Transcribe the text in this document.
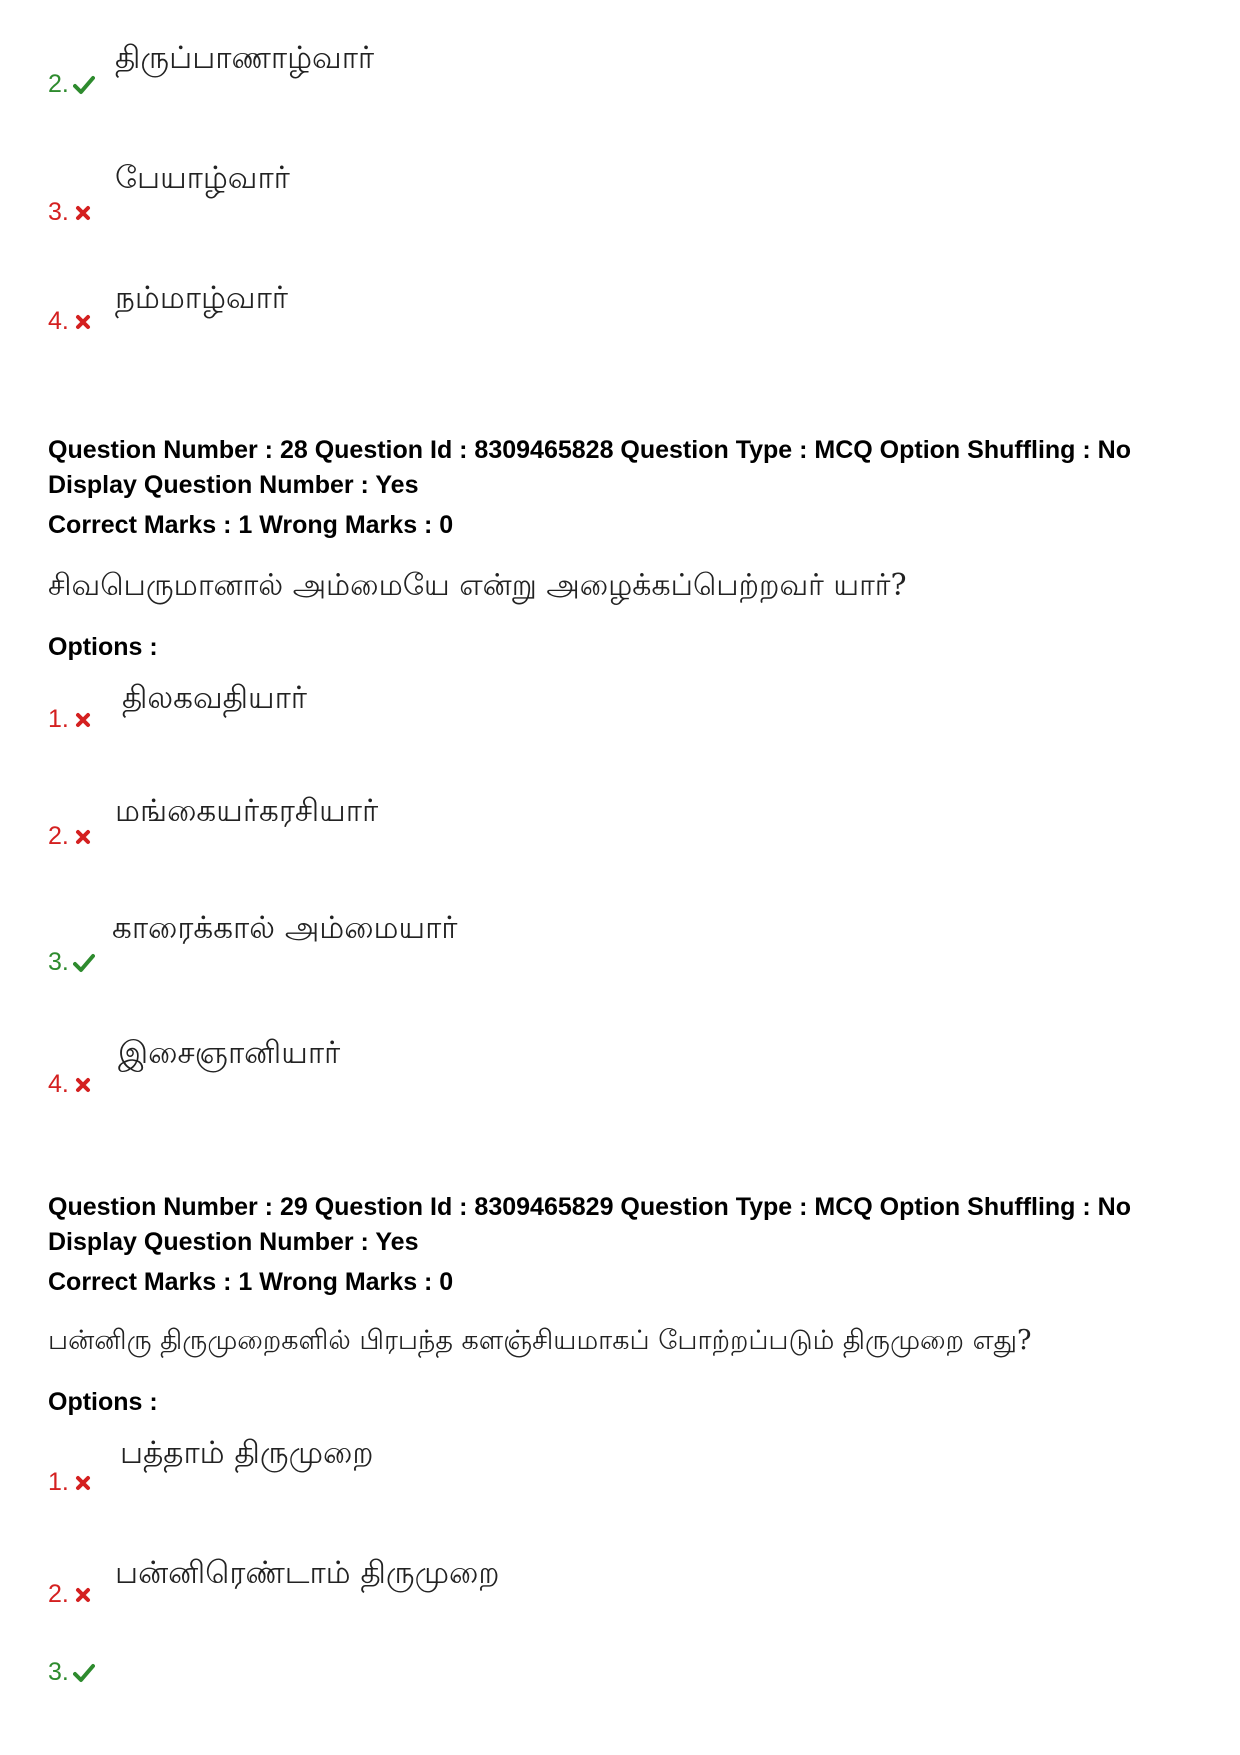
2.
திருப்பாணாழ்வார்
3.
பேயாழ்வார்
4.
நம்மாழ்வார்
Question Number : 28 Question Id : 8309465828 Question Type : MCQ Option Shuffling : No
Display Question Number : Yes
Correct Marks : 1 Wrong Marks : 0
சிவபெருமானால் அம்மையே என்று அழைக்கப்பெற்றவர் யார்?
Options :
1.
திலகவதியார்
2.
மங்கையர்கரசியார்
3.
காரைக்கால் அம்மையார்
4.
இசைஞானியார்
Question Number : 29 Question Id : 8309465829 Question Type : MCQ Option Shuffling : No
Display Question Number : Yes
Correct Marks : 1 Wrong Marks : 0
பன்னிரு திருமுறைகளில் பிரபந்த களஞ்சியமாகப் போற்றப்படும் திருமுறை எது?
Options :
1.
பத்தாம் திருமுறை
2.
பன்னிரெண்டாம் திருமுறை
3.
